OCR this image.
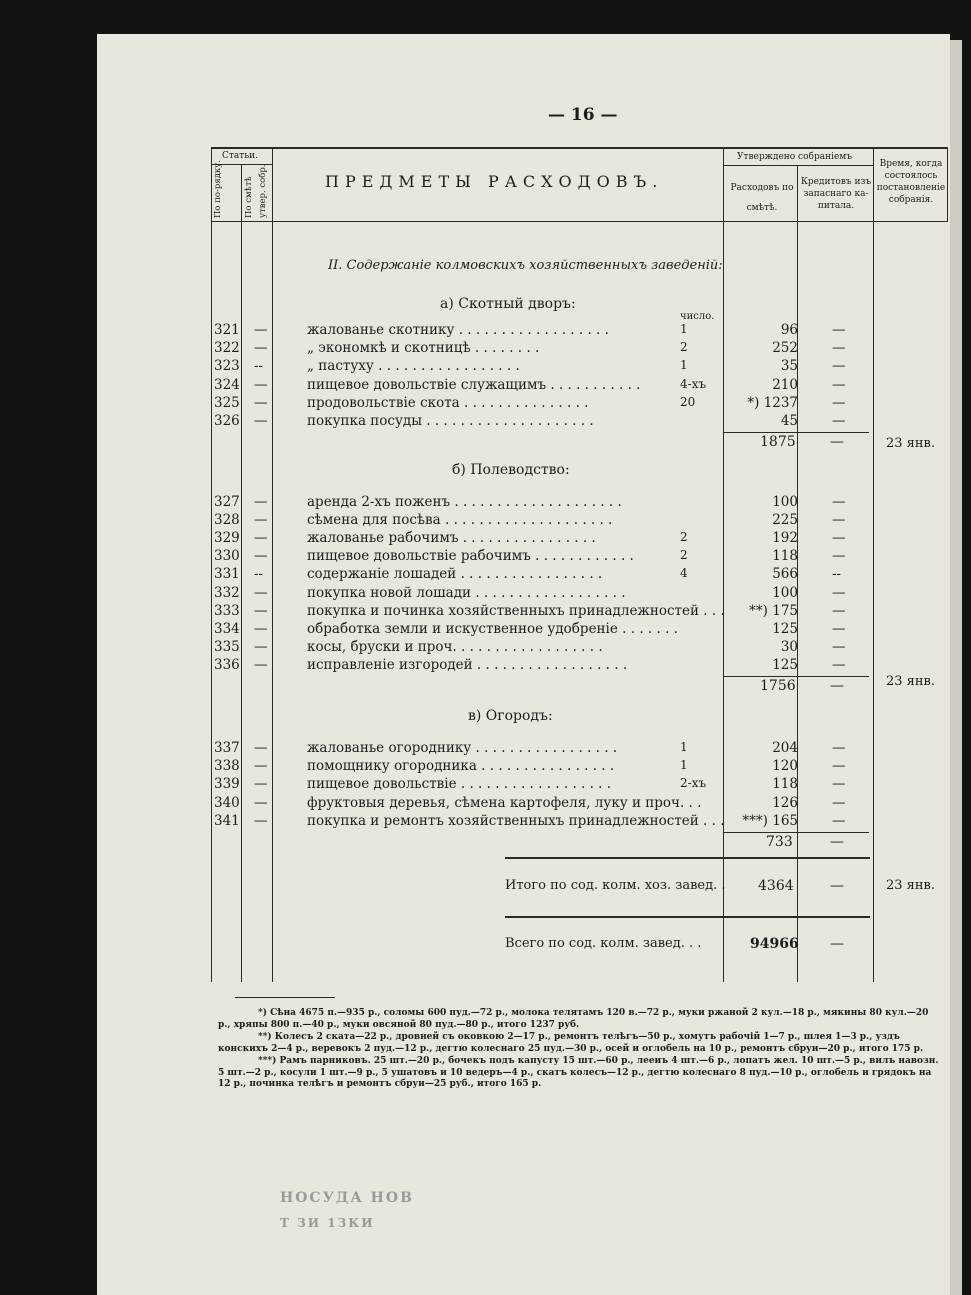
— 16 —
Статьи.
По по-рядку. По смѣтѣ утвер. собр.	ПРЕДМЕТЫ РАСХОДОВЪ.
Утверждено собраніемъ
Расходовъ по смѣтѣ.
Кредитовъ изъ запаснаго ка-питала.
Время, когда состоялось постановленіе собранія.
II. Содержаніе колмовскихъ хозяйственныхъ заведеній:
а) Скотный дворъ:
число.
321 —	жалованье скотнику . . . . . . . . . . . . . . . . . .	1	96	—
322 —	„ экономкѣ и скотницѣ . . . . . . . .	2	252	—
323 --	„ пастуху . . . . . . . . . . . . . . . . .	1	35	—
324 —	пищевое довольствіе служащимъ . . . . . . . . . . .	4-хъ	210	—
325 —	продовольствіе скота . . . . . . . . . . . . . . .	20	*) 1237	—
326 —	покупка посуды . . . . . . . . . . . . . . . . . . . .	45	—
1875 —	23 янв.
б) Полеводство:
327 —	аренда 2-хъ поженъ . . . . . . . . . . . . . . . . . . . .	100	—
328 —	сѣмена для посѣва . . . . . . . . . . . . . . . . . . . .	225	—
329 —	жалованье рабочимъ . . . . . . . . . . . . . . . .	2	192	—
330 —	пищевое довольствіе рабочимъ . . . . . . . . . . . .	2	118	—
331 --	содержаніе лошадей . . . . . . . . . . . . . . . . .	4	566	--
332 —	покупка новой лошади . . . . . . . . . . . . . . . . . .	100	—
333 —	покупка и починка хозяйственныхъ принадлежностей . . .	**) 175	—
334 —	обработка земли и искуственное удобреніе . . . . . . .	125	—
335 —	косы, бруски и проч. . . . . . . . . . . . . . . . . .	30	—
336 —	исправленіе изгородей . . . . . . . . . . . . . . . . . .	125	—
1756 —	23 янв.
в) Огородъ:
337 —	жалованье огороднику . . . . . . . . . . . . . . . . .	1	204	—
338 —	помощнику огородника . . . . . . . . . . . . . . . .	1	120	—
339 —	пищевое довольствіе . . . . . . . . . . . . . . . . . .	2-хъ	118	—
340 —	фруктовыя деревья, сѣмена картофеля, луку и проч. . .	126	—
341 —	покупка и ремонтъ хозяйственныхъ принадлежностей . . .	***) 165	—
733	—
Итого по сод. колм. хоз. завед. . 4364	—	23 янв.
Всего по сод. колм. завед. . .	94966 —
*) Сѣна 4675 п.—935 р., соломы 600 пуд.—72 р., молока телятамъ 120 в.—72 р., муки ржаной 2 кул.—18 р., мякины 80 кул.—20 р., хряпы 800 п.—40 р., муки овсяной 80 пуд.—80 р., итого 1237 руб.
**) Колесъ 2 ската—22 р., дровней съ оковкою 2—17 р., ремонтъ телѣгъ—50 р., хомутъ рабочій 1—7 р., шлея 1—3 р., уздъ конскихъ 2—4 р., веревокъ 2 пуд.—12 р., дегтю колеснаго 25 пуд.—30 р., осей и оглобель на 10 р., ремонтъ сбруи—20 р., итого 175 р.
***) Рамъ парниковъ. 25 шт.—20 р., бочекъ подъ капусту 15 шт.—60 р., лееиъ 4 шт.—6 р., лопатъ жел. 10 шт.—5 р., вилъ навозн. 5 шт.—2 р., косули 1 шт.—9 р., 5 ушатовъ и 10 ведеръ—4 р., скатъ колесъ—12 р., дегтю колеснаго 8 пуд.—10 р., оглобель и грядокъ на 12 р., починка телѣгъ и ремонтъ сбруи—25 руб., итого 165 р.
НОСУДА НОВ
Т ЗИ 1ЗКИ
